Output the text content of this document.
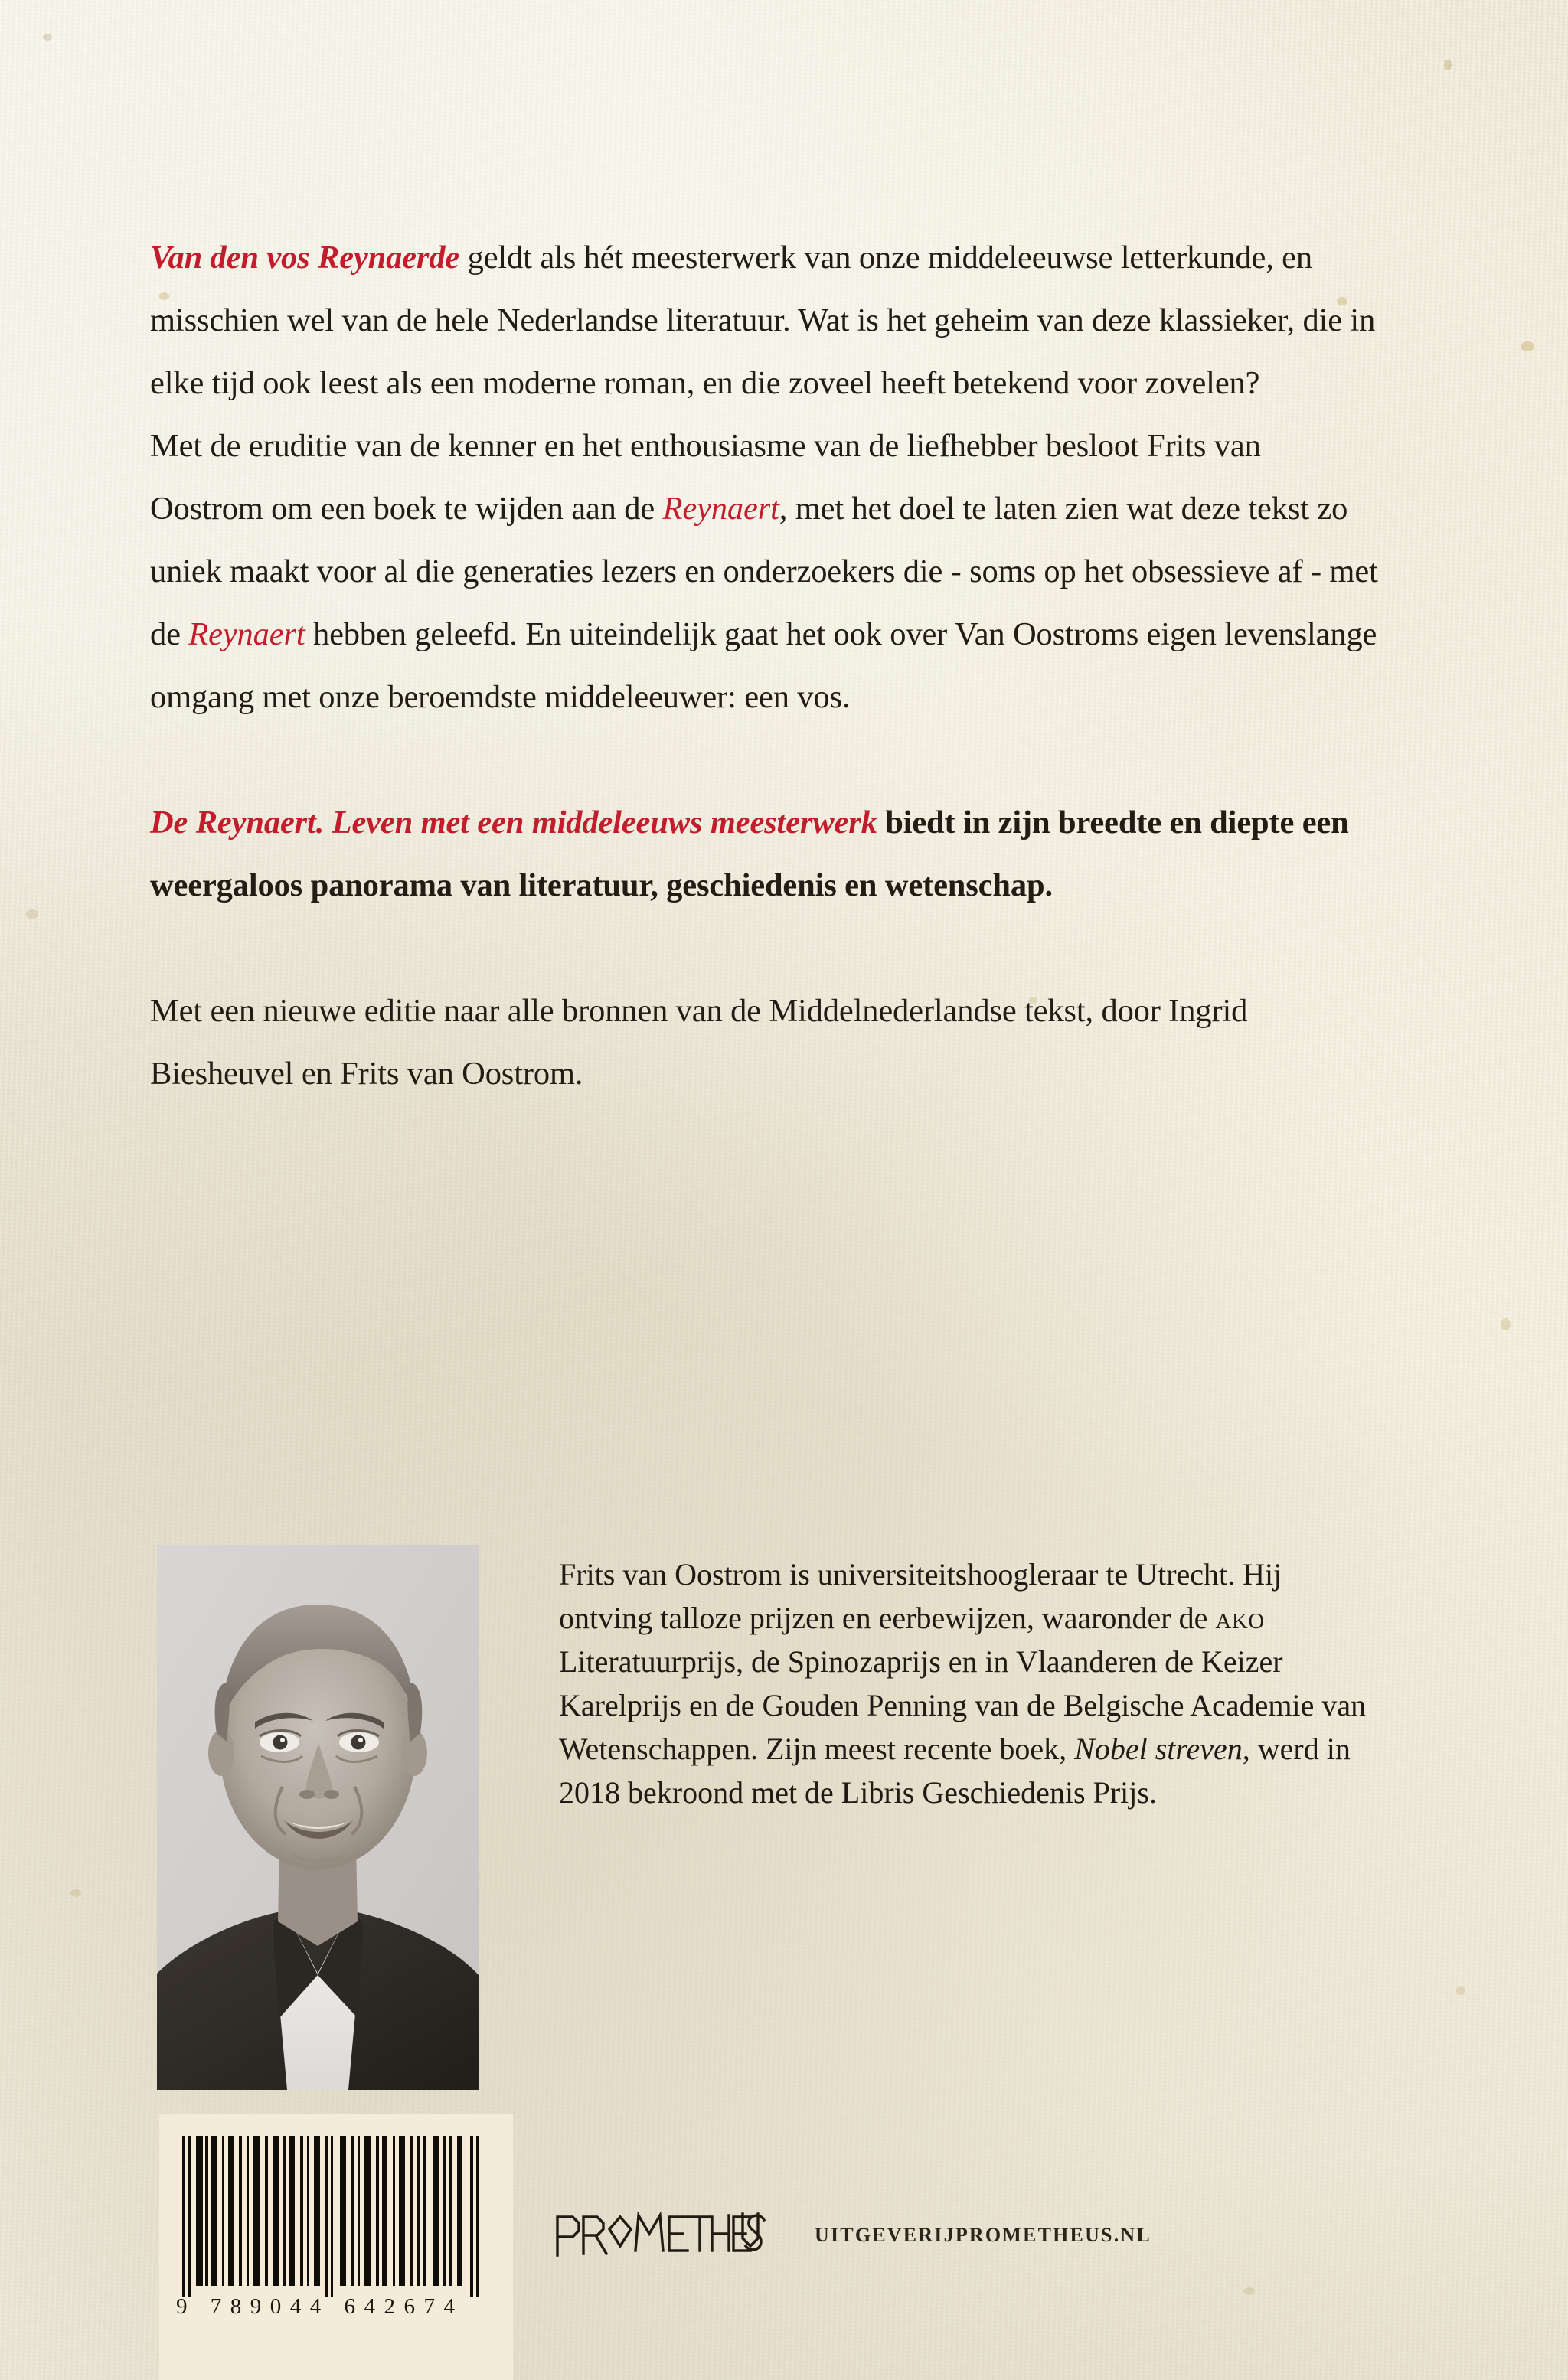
Van den vos Reynaerde geldt als hét meesterwerk van onze middeleeuwse letterkunde, en misschien wel van de hele Nederlandse literatuur. Wat is het geheim van deze klassieker, die in elke tijd ook leest als een moderne roman, en die zoveel heeft betekend voor zovelen?

Met de eruditie van de kenner en het enthousiasme van de liefhebber besloot Frits van Oostrom om een boek te wijden aan de Reynaert, met het doel te laten zien wat deze tekst zo uniek maakt voor al die generaties lezers en onderzoekers die - soms op het obsessieve af - met de Reynaert hebben geleefd. En uiteindelijk gaat het ook over Van Oostroms eigen levenslange omgang met onze beroemdste middeleeuwer: een vos.

De Reynaert. Leven met een middeleeuws meesterwerk biedt in zijn breedte en diepte een weergaloos panorama van literatuur, geschiedenis en wetenschap.

Met een nieuwe editie naar alle bronnen van de Middelnederlandse tekst, door Ingrid Biesheuvel en Frits van Oostrom.

Frits van Oostrom is universiteitshoogleraar te Utrecht. Hij ontving talloze prijzen en eerbewijzen, waaronder de ako Literatuurprijs, de Spinozaprijs en in Vlaanderen de Keizer Karelprijs en de Gouden Penning van de Belgische Academie van Wetenschappen. Zijn meest recente boek, Nobel streven, werd in 2018 bekroond met de Libris Geschiedenis Prijs.
9 789044 642674
UITGEVERIJPROMETHEUS.NL
